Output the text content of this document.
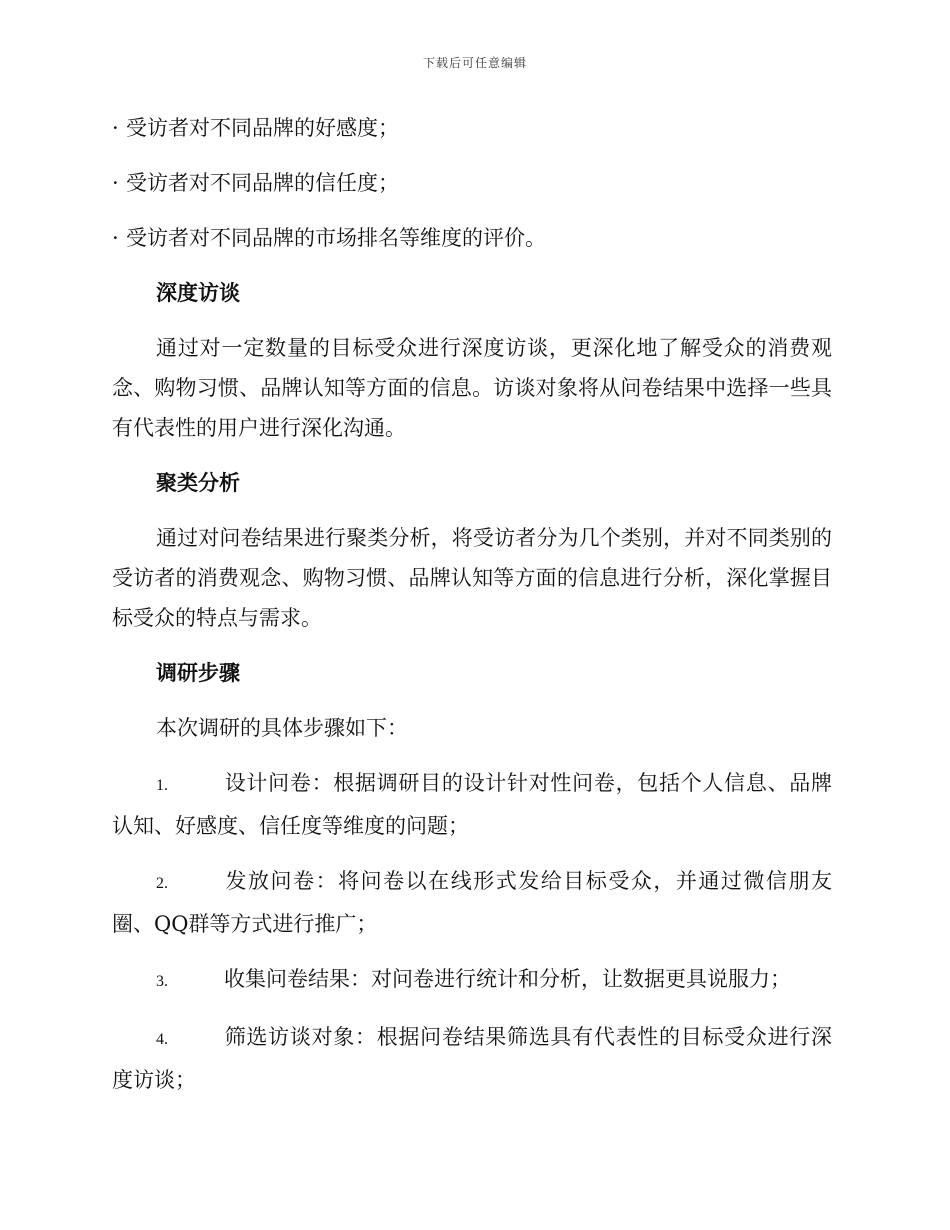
下载后可任意编辑

· 受访者对不同品牌的好感度；

· 受访者对不同品牌的信任度；

· 受访者对不同品牌的市场排名等维度的评价。

深度访谈

通过对一定数量的目标受众进行深度访谈，更深化地了解受众的消费观念、购物习惯、品牌认知等方面的信息。访谈对象将从问卷结果中选择一些具有代表性的用户进行深化沟通。

聚类分析

通过对问卷结果进行聚类分析，将受访者分为几个类别，并对不同类别的受访者的消费观念、购物习惯、品牌认知等方面的信息进行分析，深化掌握目标受众的特点与需求。

调研步骤

本次调研的具体步骤如下：

1.	设计问卷：根据调研目的设计针对性问卷，包括个人信息、品牌认知、好感度、信任度等维度的问题；

2.	发放问卷：将问卷以在线形式发给目标受众，并通过微信朋友圈、QQ群等方式进行推广；

3.	收集问卷结果：对问卷进行统计和分析，让数据更具说服力；

4.	筛选访谈对象：根据问卷结果筛选具有代表性的目标受众进行深度访谈；
